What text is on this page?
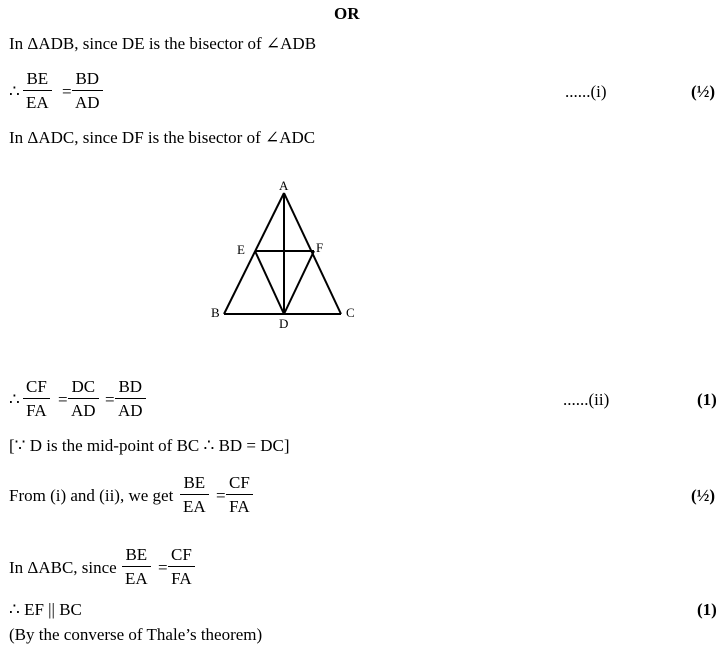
OR
In ΔADB, since DE is the bisector of ∠ADB
∴ $\frac{BE}{EA} = \frac{BD}{AD}$	......(i)	(½)
In ΔADC, since DF is the bisector of ∠ADC
A
E	F
B	C
D
∴ $\frac{CF}{FA} = \frac{DC}{AD} = \frac{BD}{AD}$	......(ii)	(1)
[∵ D is the mid-point of BC ∴ BD = DC]
From (i) and (ii), we get $\frac{BE}{EA} = \frac{CF}{FA}$	(½)
In ΔABC, since $\frac{BE}{EA} = \frac{CF}{FA}$
∴ EF || BC	(1)
(By the converse of Thale’s theorem)
